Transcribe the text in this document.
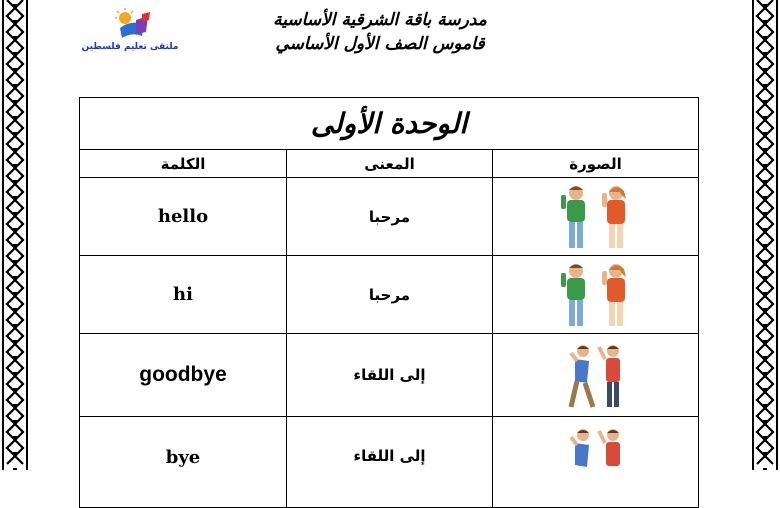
ملتقى تعليم فلسطين
مدرسة باقة الشرقية الأساسية
قاموس الصف الأول الأساسي
الوحدة الأولى		
الكلمة	المعنى	الصورة
hello	مرحبا	
hi	مرحبا	
goodbye	إلى اللقاء	
bye	إلى اللقاء	
